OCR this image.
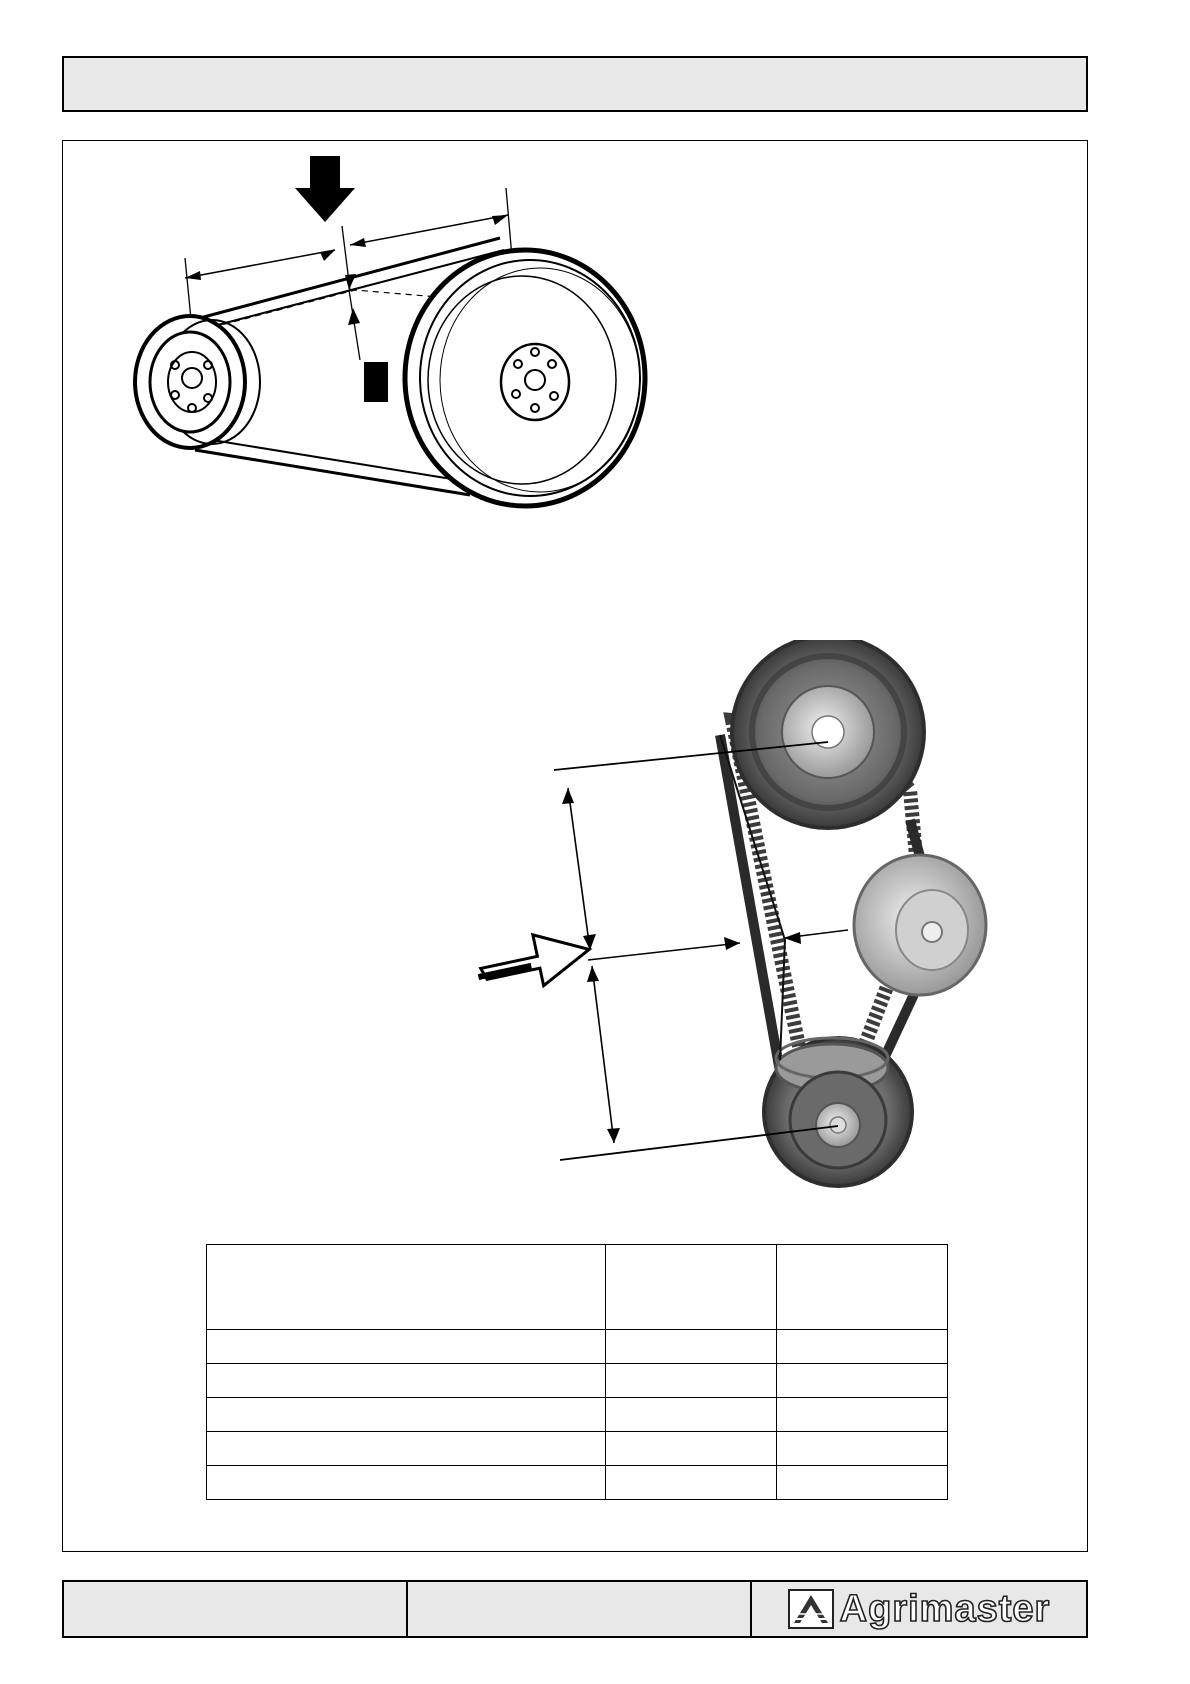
Agrimaster
